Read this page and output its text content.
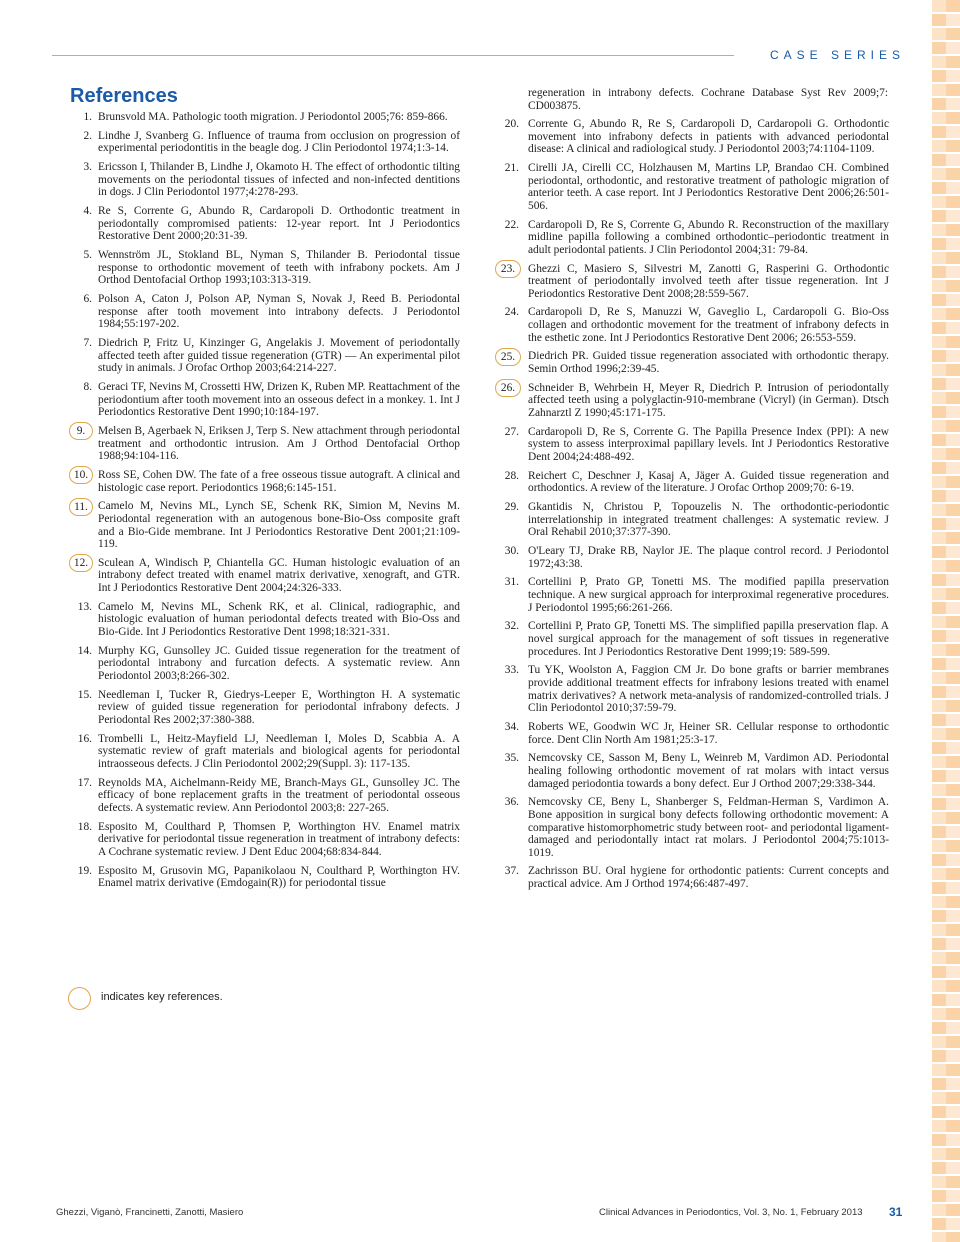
CASE SERIES
References
1. Brunsvold MA. Pathologic tooth migration. J Periodontol 2005;76: 859-866.
2. Lindhe J, Svanberg G. Influence of trauma from occlusion on progression of experimental periodontitis in the beagle dog. J Clin Periodontol 1974;1:3-14.
3. Ericsson I, Thilander B, Lindhe J, Okamoto H. The effect of orthodontic tilting movements on the periodontal tissues of infected and non-infected dentitions in dogs. J Clin Periodontol 1977;4:278-293.
4. Re S, Corrente G, Abundo R, Cardaropoli D. Orthodontic treatment in periodontally compromised patients: 12-year report. Int J Periodontics Restorative Dent 2000;20:31-39.
5. Wennström JL, Stokland BL, Nyman S, Thilander B. Periodontal tissue response to orthodontic movement of teeth with infrabony pockets. Am J Orthod Dentofacial Orthop 1993;103:313-319.
6. Polson A, Caton J, Polson AP, Nyman S, Novak J, Reed B. Periodontal response after tooth movement into intrabony defects. J Periodontol 1984;55:197-202.
7. Diedrich P, Fritz U, Kinzinger G, Angelakis J. Movement of periodontally affected teeth after guided tissue regeneration (GTR) — An experimental pilot study in animals. J Orofac Orthop 2003;64:214-227.
8. Geraci TF, Nevins M, Crossetti HW, Drizen K, Ruben MP. Reattachment of the periodontium after tooth movement into an osseous defect in a monkey. 1. Int J Periodontics Restorative Dent 1990;10:184-197.
9.	Melsen B, Agerbaek N, Eriksen J, Terp S. New attachment through periodontal treatment and orthodontic intrusion. Am J Orthod Dentofacial Orthop 1988;94:104-116.
10. Ross SE, Cohen DW. The fate of a free osseous tissue autograft. A clinical and histologic case report. Periodontics 1968;6:145-151.
11. Camelo M, Nevins ML, Lynch SE, Schenk RK, Simion M, Nevins M. Periodontal regeneration with an autogenous bone-Bio-Oss composite graft and a Bio-Gide membrane. Int J Periodontics Restorative Dent 2001;21:109-119.
12. Sculean A, Windisch P, Chiantella GC. Human histologic evaluation of an intrabony defect treated with enamel matrix derivative, xenograft, and GTR. Int J Periodontics Restorative Dent 2004;24:326-333.
13. Camelo M, Nevins ML, Schenk RK, et al. Clinical, radiographic, and histologic evaluation of human periodontal defects treated with Bio-Oss and Bio-Gide. Int J Periodontics Restorative Dent 1998;18:321-331.
14. Murphy KG, Gunsolley JC. Guided tissue regeneration for the treatment of periodontal intrabony and furcation defects. A systematic review. Ann Periodontol 2003;8:266-302.
15. Needleman I, Tucker R, Giedrys-Leeper E, Worthington H. A systematic review of guided tissue regeneration for periodontal infrabony defects. J Periodontal Res 2002;37:380-388.
16. Trombelli L, Heitz-Mayfield LJ, Needleman I, Moles D, Scabbia A. A systematic review of graft materials and biological agents for periodontal intraosseous defects. J Clin Periodontol 2002;29(Suppl. 3): 117-135.
17. Reynolds MA, Aichelmann-Reidy ME, Branch-Mays GL, Gunsolley JC. The efficacy of bone replacement grafts in the treatment of periodontal osseous defects. A systematic review. Ann Periodontol 2003;8: 227-265.
18. Esposito M, Coulthard P, Thomsen P, Worthington HV. Enamel matrix derivative for periodontal tissue regeneration in treatment of intrabony defects: A Cochrane systematic review. J Dent Educ 2004;68:834-844.
19. Esposito M, Grusovin MG, Papanikolaou N, Coulthard P, Worthington HV. Enamel matrix derivative (Emdogain(R)) for periodontal tissue

regeneration in intrabony defects. Cochrane Database Syst Rev 2009;7: CD003875.

20. Corrente G, Abundo R, Re S, Cardaropoli D, Cardaropoli G. Orthodontic movement into infrabony defects in patients with advanced periodontal disease: A clinical and radiological study. J Periodontol 2003;74:1104-1109.
21. Cirelli JA, Cirelli CC, Holzhausen M, Martins LP, Brandao CH. Combined periodontal, orthodontic, and restorative treatment of pathologic migration of anterior teeth. A case report. Int J Periodontics Restorative Dent 2006;26:501-506.
22. Cardaropoli D, Re S, Corrente G, Abundo R. Reconstruction of the maxillary midline papilla following a combined orthodontic–periodontic treatment in adult periodontal patients. J Clin Periodontol 2004;31: 79-84.
23.	Ghezzi C, Masiero S, Silvestri M, Zanotti G, Rasperini G. Orthodontic treatment of periodontally involved teeth after tissue regeneration. Int J Periodontics Restorative Dent 2008;28:559-567.
24. Cardaropoli D, Re S, Manuzzi W, Gaveglio L, Cardaropoli G. Bio-Oss collagen and orthodontic movement for the treatment of infrabony defects in the esthetic zone. Int J Periodontics Restorative Dent 2006; 26:553-559.
25.	Diedrich PR. Guided tissue regeneration associated with orthodontic therapy. Semin Orthod 1996;2:39-45.
26.	Schneider B, Wehrbein H, Meyer R, Diedrich P. Intrusion of periodontally affected teeth using a polyglactin-910-membrane (Vicryl) (in German). Dtsch Zahnarztl Z 1990;45:171-175.
27. Cardaropoli D, Re S, Corrente G. The Papilla Presence Index (PPI): A new system to assess interproximal papillary levels. Int J Periodontics Restorative Dent 2004;24:488-492.
28. Reichert C, Deschner J, Kasaj A, Jäger A. Guided tissue regeneration and orthodontics. A review of the literature. J Orofac Orthop 2009;70: 6-19.
29. Gkantidis N, Christou P, Topouzelis N. The orthodontic-periodontic interrelationship in integrated treatment challenges: A systematic review. J Oral Rehabil 2010;37:377-390.
30. O'Leary TJ, Drake RB, Naylor JE. The plaque control record. J Periodontol 1972;43:38.
31. Cortellini P, Prato GP, Tonetti MS. The modified papilla preservation technique. A new surgical approach for interproximal regenerative procedures. J Periodontol 1995;66:261-266.
32. Cortellini P, Prato GP, Tonetti MS. The simplified papilla preservation flap. A novel surgical approach for the management of soft tissues in regenerative procedures. Int J Periodontics Restorative Dent 1999;19: 589-599.
33. Tu YK, Woolston A, Faggion CM Jr. Do bone grafts or barrier membranes provide additional treatment effects for infrabony lesions treated with enamel matrix derivatives? A network meta-analysis of randomized-controlled trials. J Clin Periodontol 2010;37:59-79.
34. Roberts WE, Goodwin WC Jr, Heiner SR. Cellular response to orthodontic force. Dent Clin North Am 1981;25:3-17.
35. Nemcovsky CE, Sasson M, Beny L, Weinreb M, Vardimon AD. Periodontal healing following orthodontic movement of rat molars with intact versus damaged periodontia towards a bony defect. Eur J Orthod 2007;29:338-344.
36. Nemcovsky CE, Beny L, Shanberger S, Feldman-Herman S, Vardimon A. Bone apposition in surgical bony defects following orthodontic movement: A comparative histomorphometric study between root- and periodontal ligament-damaged and periodontally intact rat molars. J Periodontol 2004;75:1013-1019.
37. Zachrisson BU. Oral hygiene for orthodontic patients: Current concepts and practical advice. Am J Orthod 1974;66:487-497.
indicates key references.
Ghezzi, Viganò, Francinetti, Zanotti, Masiero	Clinical Advances in Periodontics, Vol. 3, No. 1, February 2013 31
